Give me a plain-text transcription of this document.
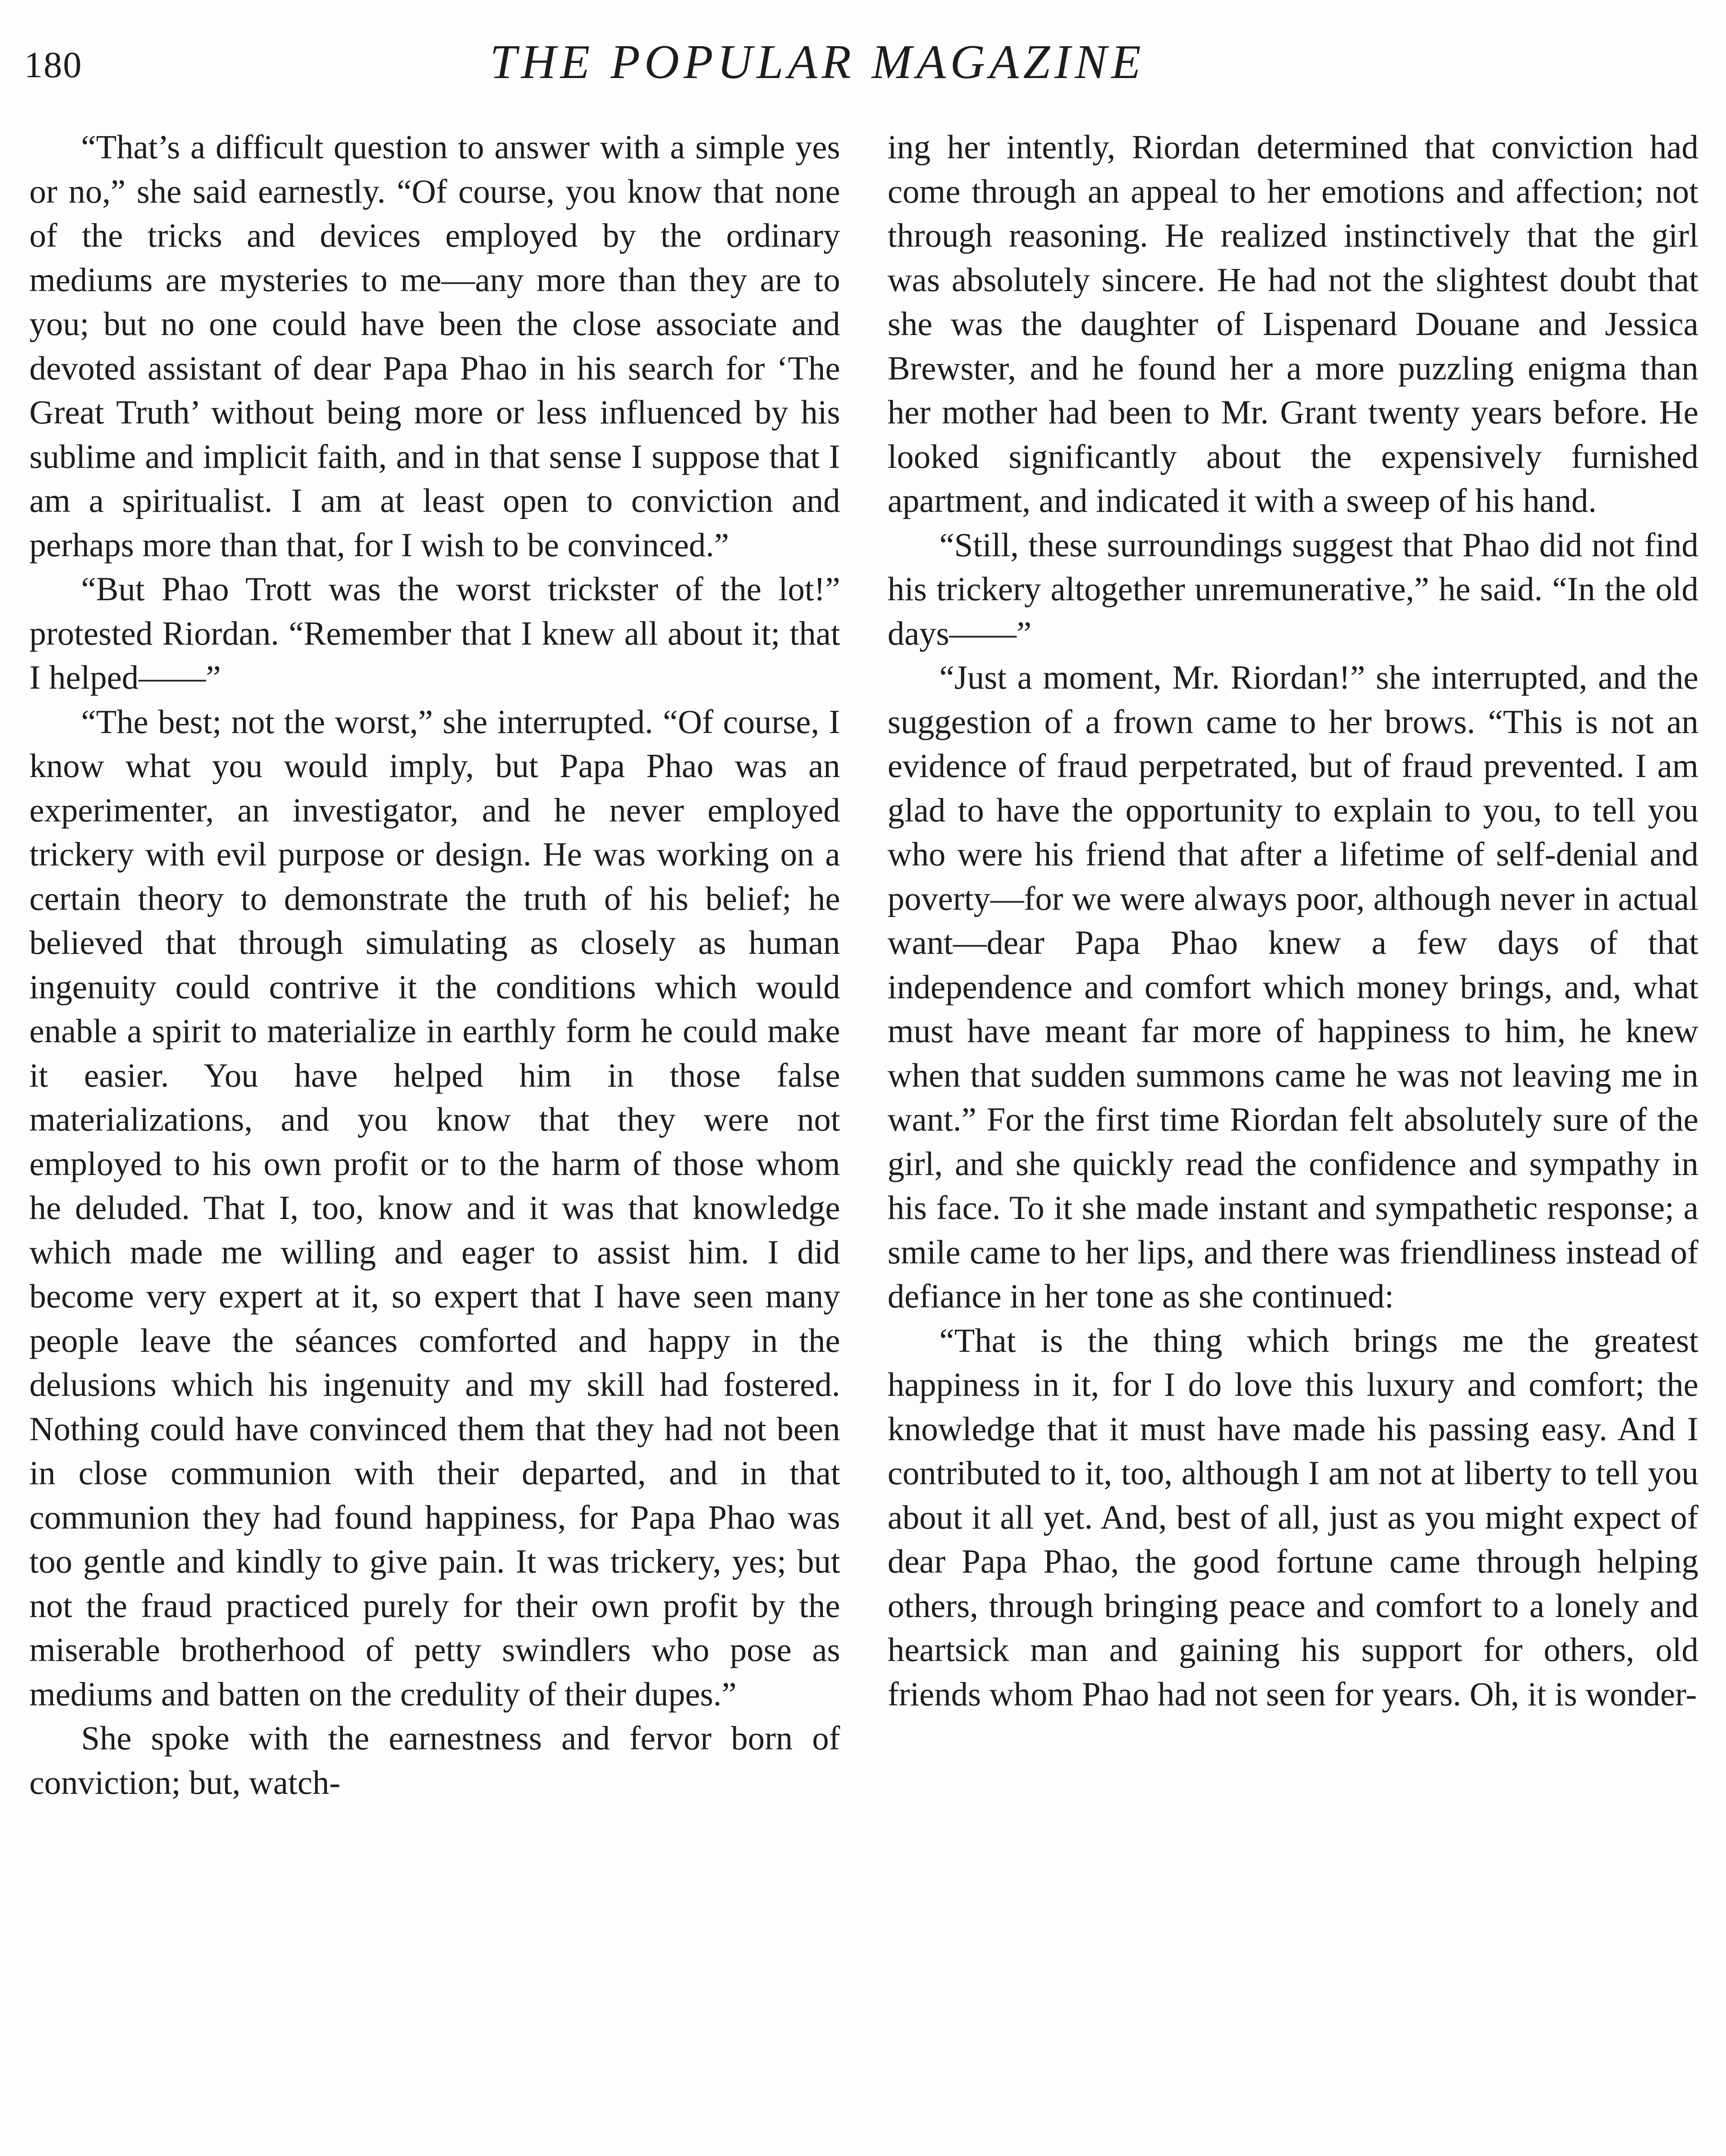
180	THE POPULAR MAGAZINE

“That’s a difficult question to answer with a simple yes or no,” she said earnestly. “Of course, you know that none of the tricks and devices employed by the ordinary mediums are mysteries to me—any more than they are to you; but no one could have been the close associate and devoted assistant of dear Papa Phao in his search for ‘The Great Truth’ without being more or less influenced by his sublime and implicit faith, and in that sense I suppose that I am a spiritualist. I am at least open to conviction and perhaps more than that, for I wish to be convinced.”

“But Phao Trott was the worst trickster of the lot!” protested Riordan. “Remember that I knew all about it; that I helped——”

“The best; not the worst,” she interrupted. “Of course, I know what you would imply, but Papa Phao was an experimenter, an investigator, and he never employed trickery with evil purpose or design. He was working on a certain theory to demonstrate the truth of his belief; he believed that through simulating as closely as human ingenuity could contrive it the conditions which would enable a spirit to materialize in earthly form he could make it easier. You have helped him in those false materializations, and you know that they were not employed to his own profit or to the harm of those whom he deluded. That I, too, know and it was that knowledge which made me willing and eager to assist him. I did become very expert at it, so expert that I have seen many people leave the séances comforted and happy in the delusions which his ingenuity and my skill had fostered. Nothing could have convinced them that they had not been in close communion with their departed, and in that communion they had found happiness, for Papa Phao was too gentle and kindly to give pain. It was trickery, yes; but not the fraud practiced purely for their own profit by the miserable brotherhood of petty swindlers who pose as mediums and batten on the credulity of their dupes.”

She spoke with the earnestness and fervor born of conviction; but, watch-

ing her intently, Riordan determined that conviction had come through an appeal to her emotions and affection; not through reasoning. He realized instinctively that the girl was absolutely sincere. He had not the slightest doubt that she was the daughter of Lispenard Douane and Jessica Brewster, and he found her a more puzzling enigma than her mother had been to Mr. Grant twenty years before. He looked significantly about the expensively furnished apartment, and indicated it with a sweep of his hand.

“Still, these surroundings suggest that Phao did not find his trickery altogether unremunerative,” he said. “In the old days——”

“Just a moment, Mr. Riordan!” she interrupted, and the suggestion of a frown came to her brows. “This is not an evidence of fraud perpetrated, but of fraud prevented. I am glad to have the opportunity to explain to you, to tell you who were his friend that after a lifetime of self-denial and poverty—for we were always poor, although never in actual want—dear Papa Phao knew a few days of that independence and comfort which money brings, and, what must have meant far more of happiness to him, he knew when that sudden summons came he was not leaving me in want.” For the first time Riordan felt absolutely sure of the girl, and she quickly read the confidence and sympathy in his face. To it she made instant and sympathetic response; a smile came to her lips, and there was friendliness instead of defiance in her tone as she continued:

“That is the thing which brings me the greatest happiness in it, for I do love this luxury and comfort; the knowledge that it must have made his passing easy. And I contributed to it, too, although I am not at liberty to tell you about it all yet. And, best of all, just as you might expect of dear Papa Phao, the good fortune came through helping others, through bringing peace and comfort to a lonely and heartsick man and gaining his support for others, old friends whom Phao had not seen for years. Oh, it is wonder-
